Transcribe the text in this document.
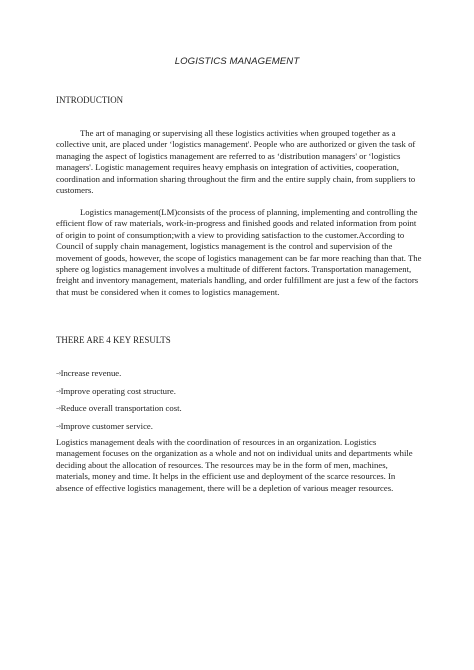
LOGISTICS MANAGEMENT
INTRODUCTION

The art of managing or supervising all these logistics activities when grouped together as a collective unit, are placed under ‘logistics management'. People who are authorized or given the task of managing the aspect of logistics management are referred to as ‘distribution managers' or ‘logistics managers'. Logistic management requires heavy emphasis on integration of activities, cooperation, coordination and information sharing throughout the firm and the entire supply chain, from suppliers to customers.

Logistics management(LM)consists of the process of planning, implementing and controlling the efficient flow of raw materials, work-in-progress and finished goods and related information from point of origin to point of consumption;with a view to providing satisfaction to the customer.According to Council of supply chain management, logistics management is the control and supervision of the movement of goods, however, the scope of logistics management can be far more reaching than that. The sphere og logistics management involves a multitude of different factors. Transportation management, freight and inventory management, materials handling, and order fulfillment are just a few of the factors that must be considered when it comes to logistics management.

THERE ARE 4 KEY RESULTS
–›Increase revenue.
–›Improve operating cost structure.
–›Reduce overall transportation cost.
–›Improve customer service.

Logistics management deals with the coordination of resources in an organization. Logistics management focuses on the organization as a whole and not on individual units and departments while deciding about the allocation of resources. The resources may be in the form of men, machines, materials, money and time. It helps in the efficient use and deployment of the scarce resources. In absence of effective logistics management, there will be a depletion of various meager resources.
